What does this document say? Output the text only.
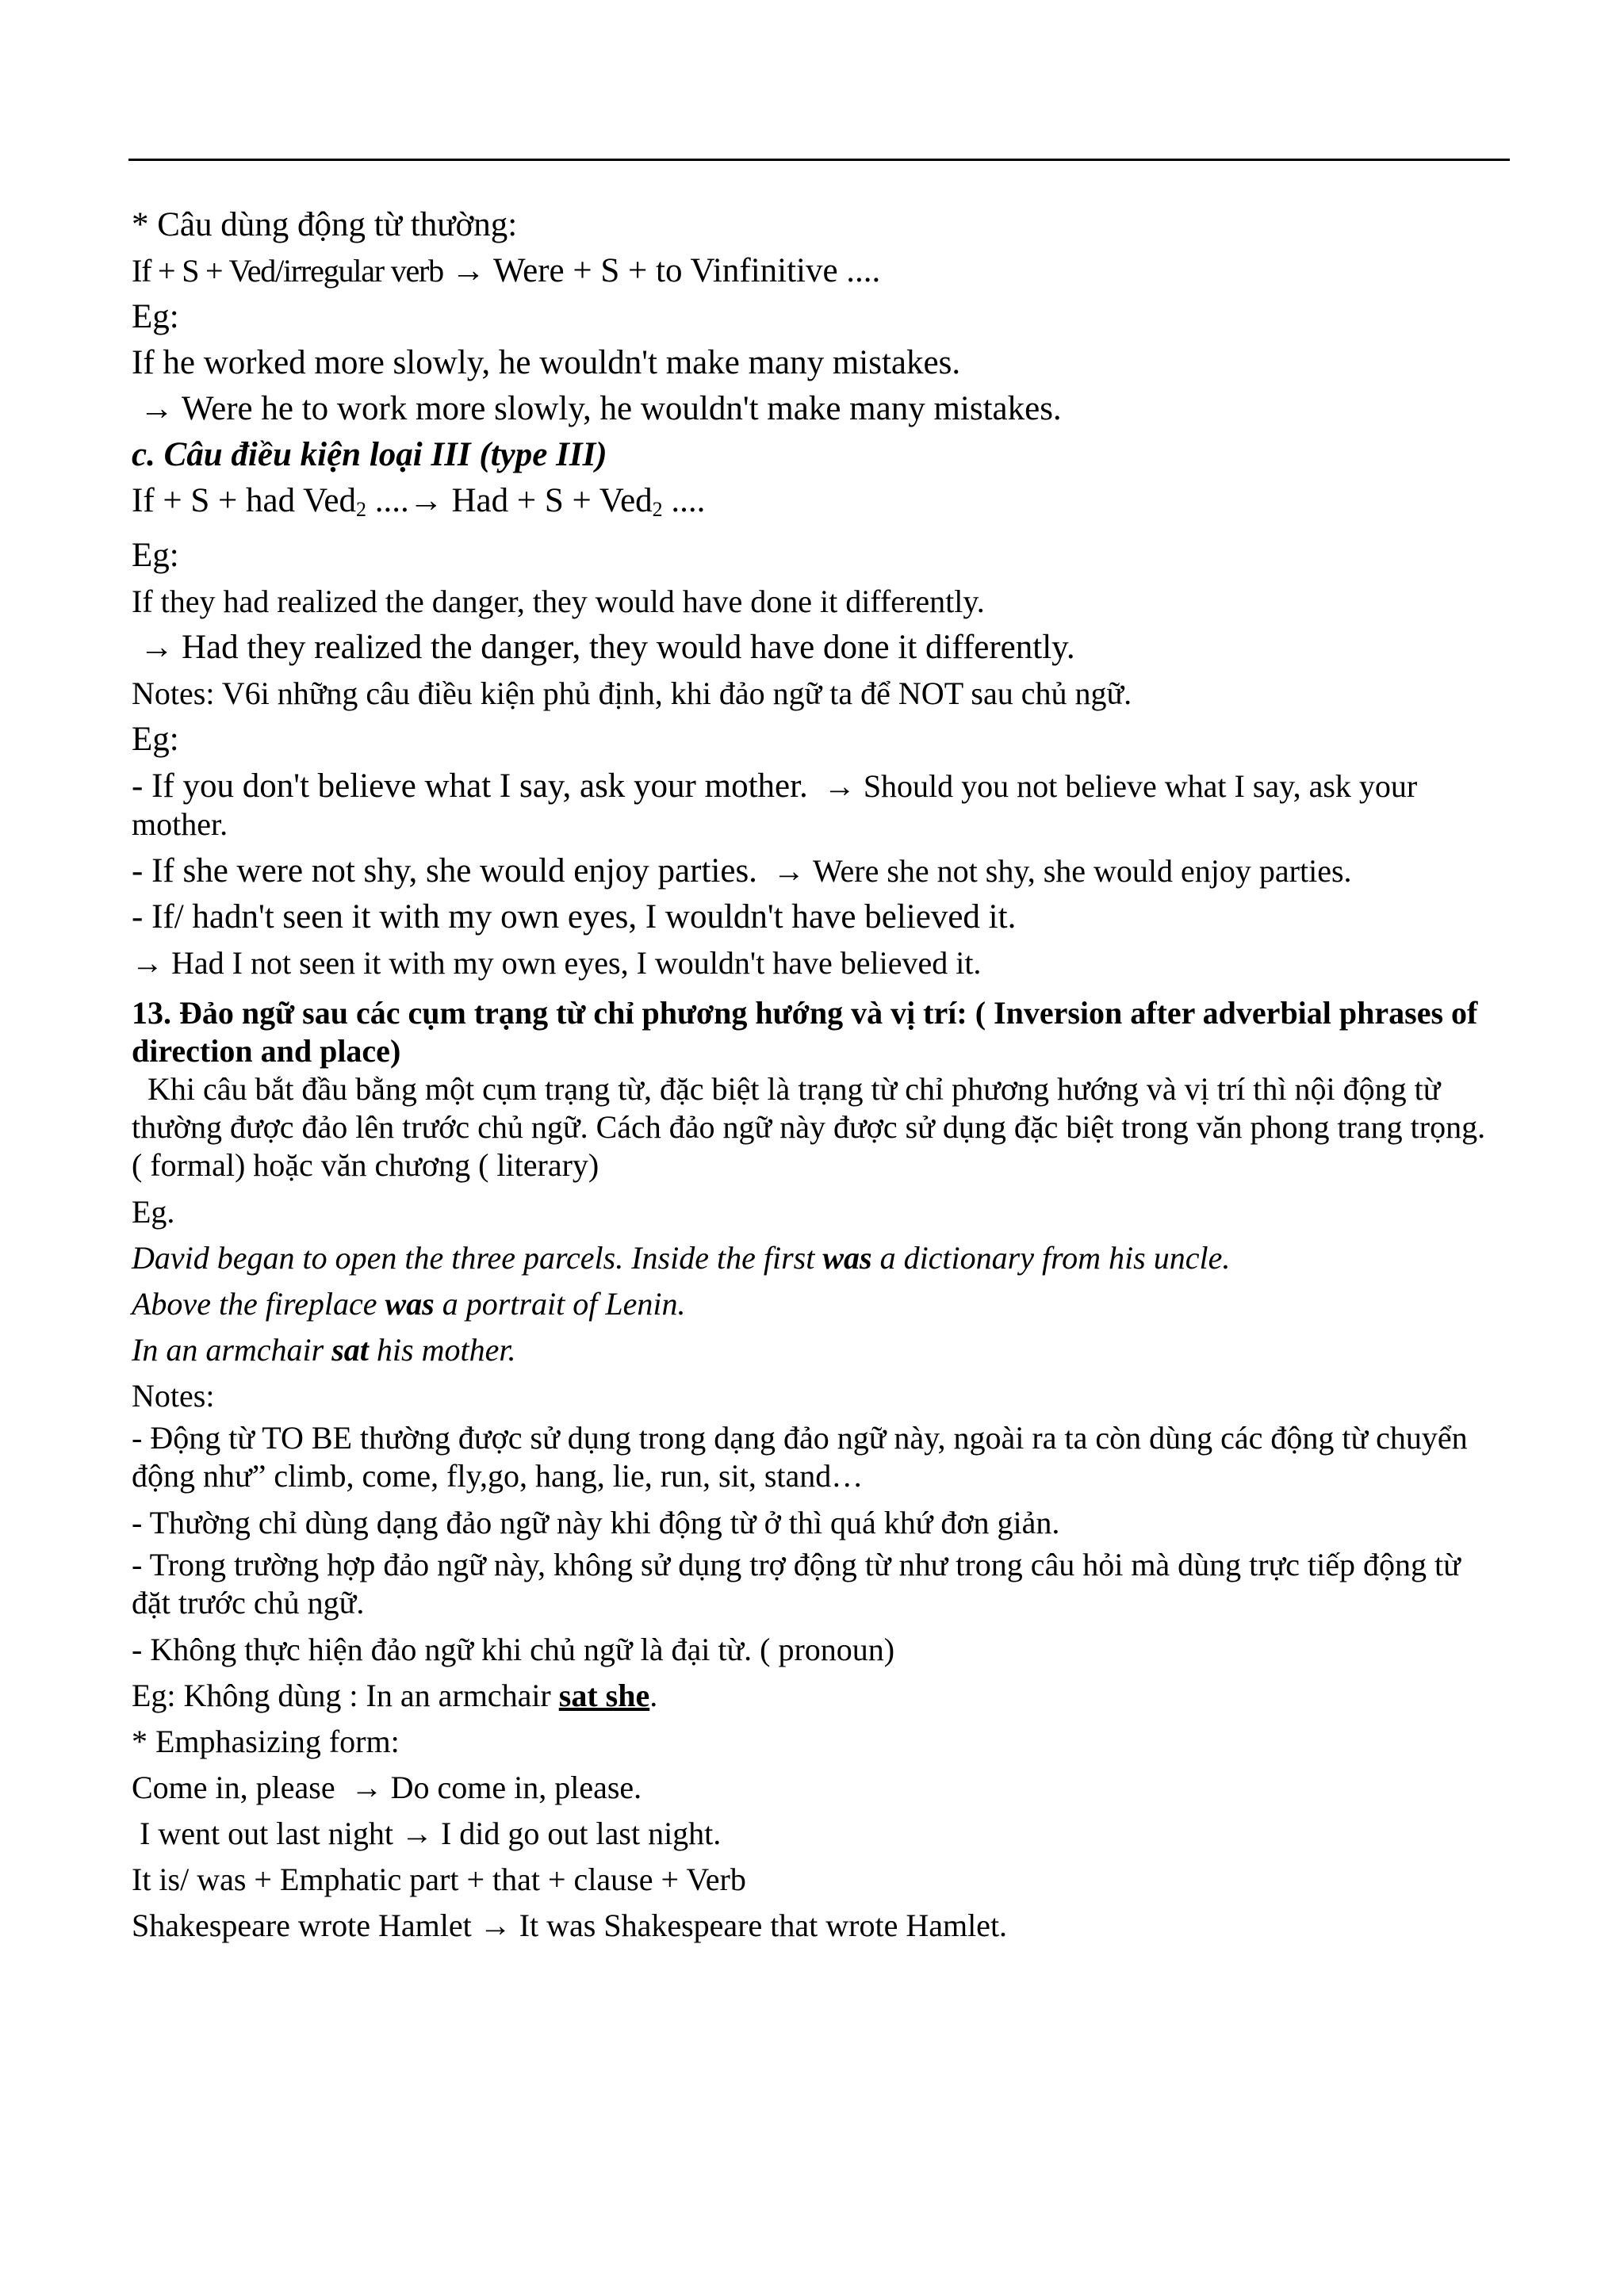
* Câu dùng động từ thường:

If + S + Ved/irregular verb → Were + S + to Vinfinitive ....

Eg:

If he worked more slowly, he wouldn't make many mistakes.

→ Were he to work more slowly, he wouldn't make many mistakes.

c. Câu điều kiện loại III (type III)

If + S + had Ved$_2$ ....→ Had + S + Ved$_2$ ....

Eg:

If they had realized the danger, they would have done it differently.

→ Had they realized the danger, they would have done it differently.

Notes: V6i những câu điều kiện phủ định, khi đảo ngữ ta để NOT sau chủ ngữ.

Eg:

- If you don't believe what I say, ask your mother. → Should you not believe what I say, ask your mother.

- If she were not shy, she would enjoy parties. → Were she not shy, she would enjoy parties.

- If/ hadn't seen it with my own eyes, I wouldn't have believed it.

→ Had I not seen it with my own eyes, I wouldn't have believed it.

13. Đảo ngữ sau các cụm trạng từ chỉ phương hướng và vị trí: ( Inversion after adverbial phrases of direction and place)

Khi câu bắt đầu bằng một cụm trạng từ, đặc biệt là trạng từ chỉ phương hướng và vị trí thì nội động từ thường được đảo lên trước chủ ngữ. Cách đảo ngữ này được sử dụng đặc biệt trong văn phong trang trọng. ( formal) hoặc văn chương ( literary)

Eg.

David began to open the three parcels. Inside the first was a dictionary from his uncle.

Above the fireplace was a portrait of Lenin.

In an armchair sat his mother.

Notes:

- Động từ TO BE thường được sử dụng trong dạng đảo ngữ này, ngoài ra ta còn dùng các động từ chuyển động như” climb, come, fly,go, hang, lie, run, sit, stand…

- Thường chỉ dùng dạng đảo ngữ này khi động từ ở thì quá khứ đơn giản.

- Trong trường hợp đảo ngữ này, không sử dụng trợ động từ như trong câu hỏi mà dùng trực tiếp động từ đặt trước chủ ngữ.

- Không thực hiện đảo ngữ khi chủ ngữ là đại từ. ( pronoun)

Eg: Không dùng : In an armchair sat she.

* Emphasizing form:

Come in, please → Do come in, please.

I went out last night → I did go out last night.

It is/ was + Emphatic part + that + clause + Verb

Shakespeare wrote Hamlet → It was Shakespeare that wrote Hamlet.
